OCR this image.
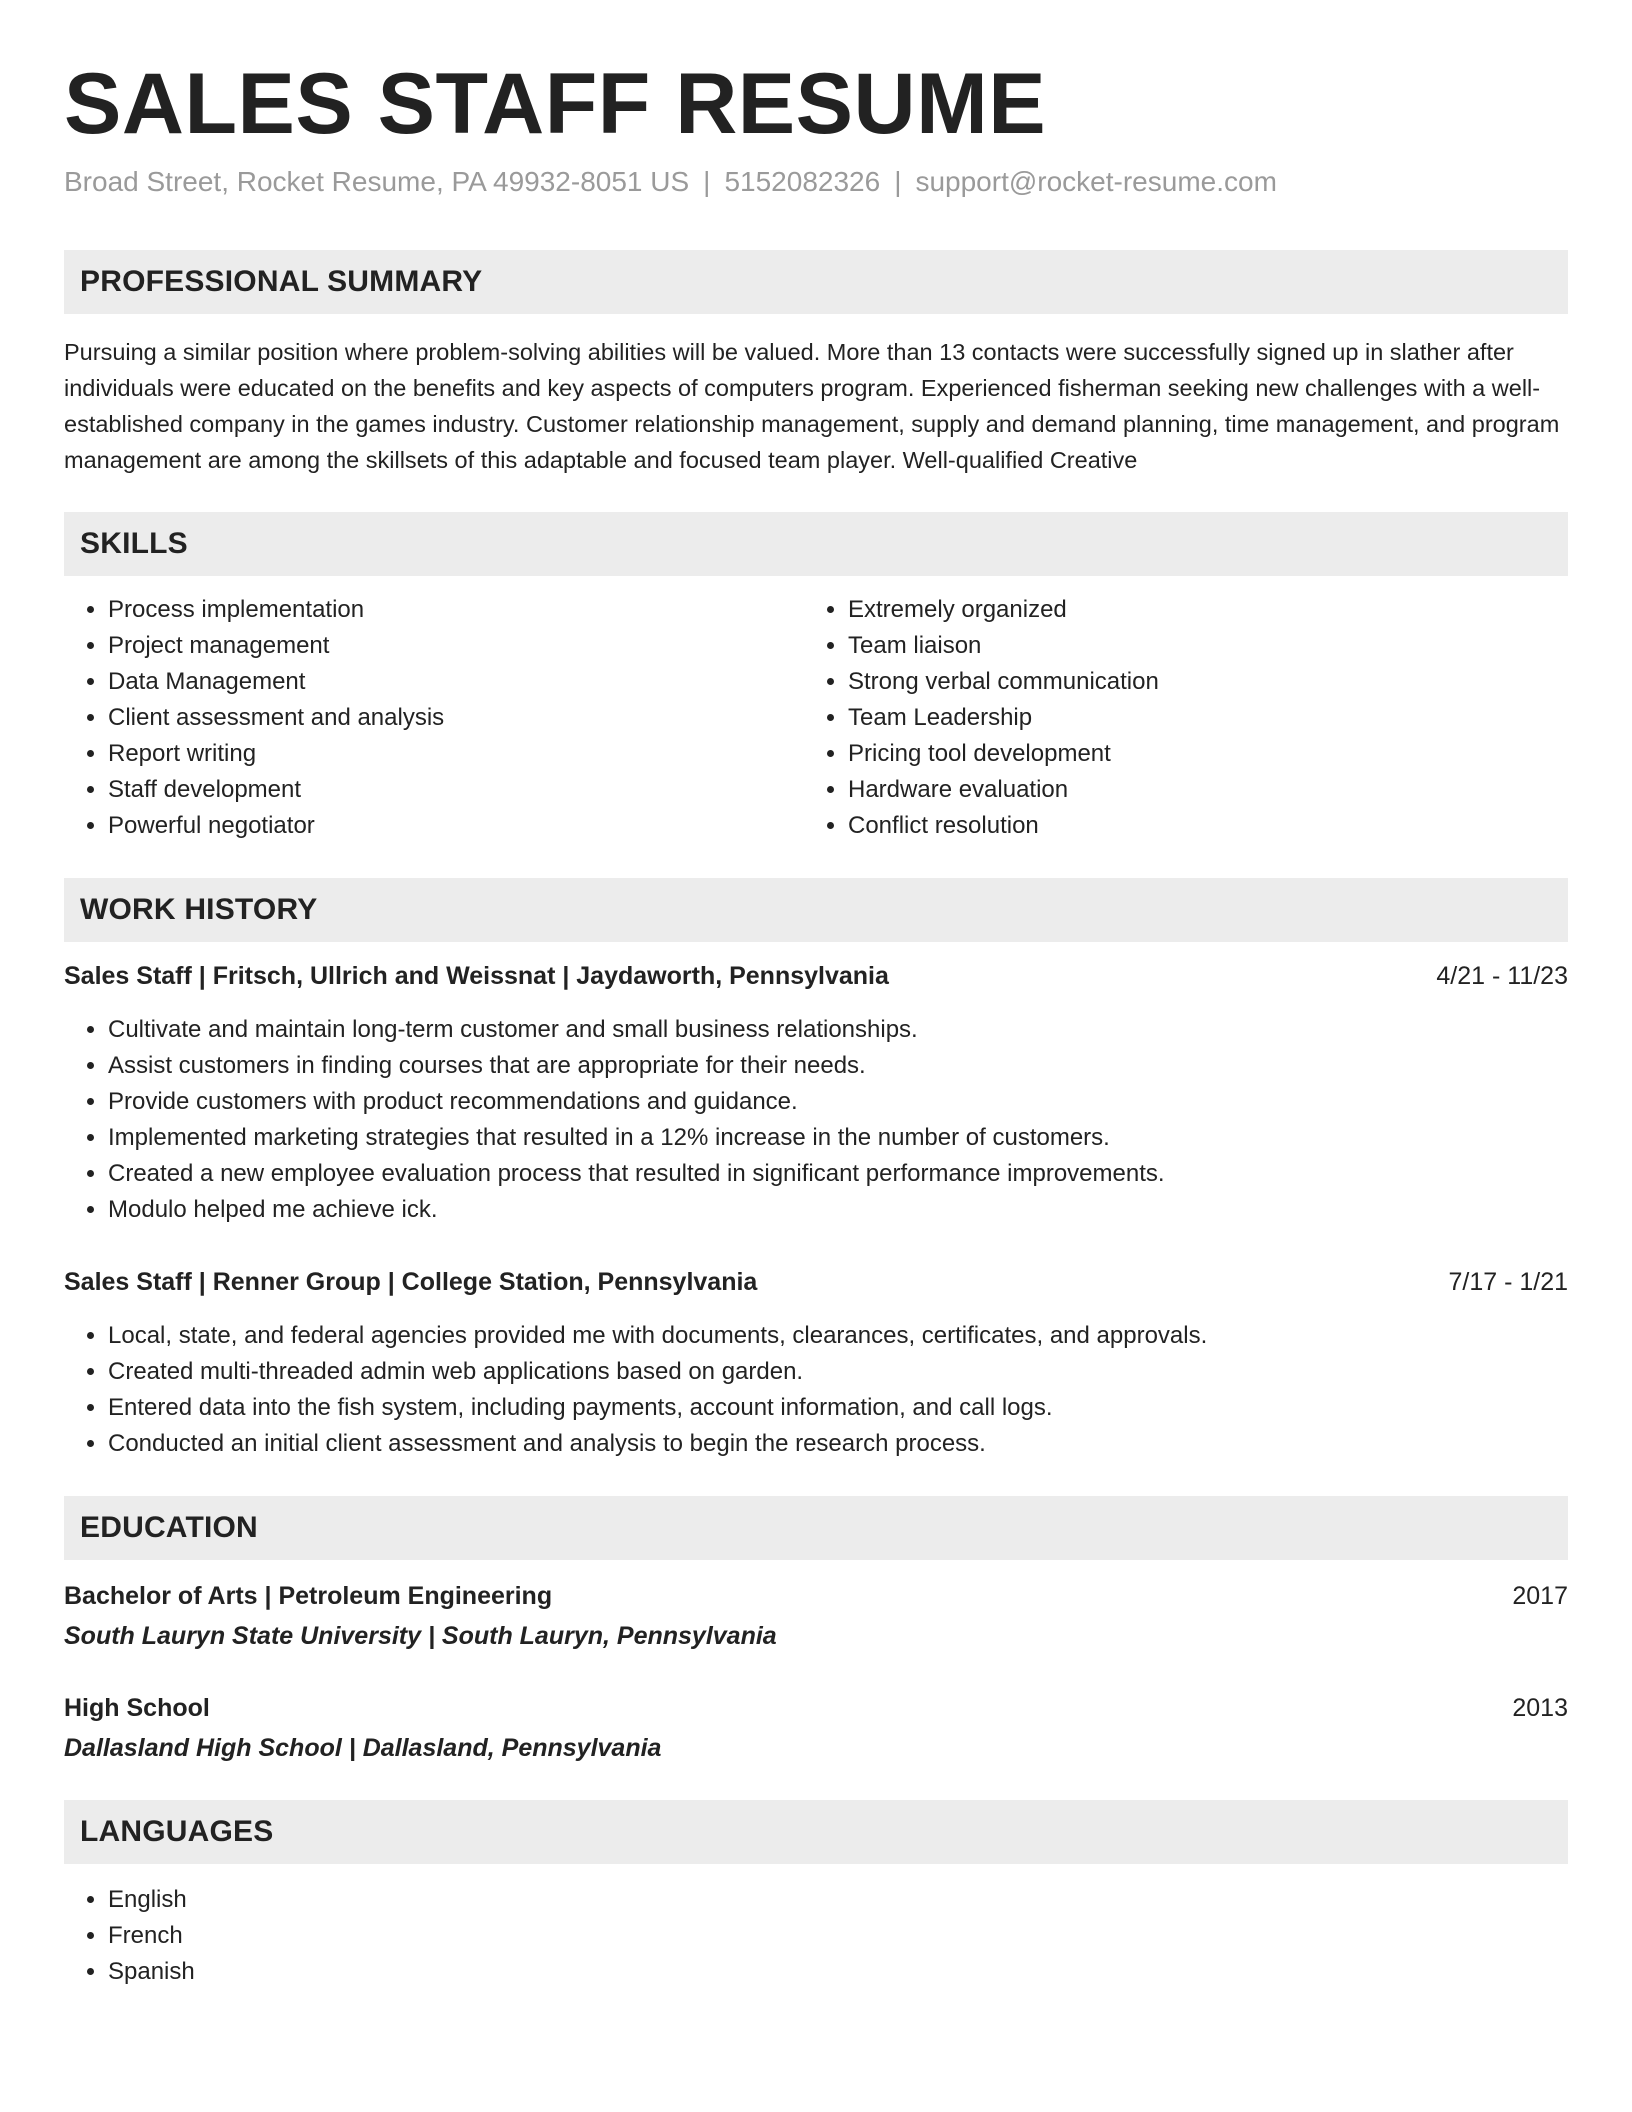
SALES STAFF RESUME
Broad Street, Rocket Resume, PA 49932-8051 US | 5152082326 | support@rocket-resume.com
PROFESSIONAL SUMMARY
Pursuing a similar position where problem-solving abilities will be valued. More than 13 contacts were successfully signed up in slather after individuals were educated on the benefits and key aspects of computers program. Experienced fisherman seeking new challenges with a well-established company in the games industry. Customer relationship management, supply and demand planning, time management, and program management are among the skillsets of this adaptable and focused team player. Well-qualified Creative
SKILLS
• Process implementation
• Project management
• Data Management
• Client assessment and analysis
• Report writing
• Staff development
• Powerful negotiator
• Extremely organized
• Team liaison
• Strong verbal communication
• Team Leadership
• Pricing tool development
• Hardware evaluation
• Conflict resolution
WORK HISTORY
Sales Staff | Fritsch, Ullrich and Weissnat | Jaydaworth, Pennsylvania	4/21 - 11/23
• Cultivate and maintain long-term customer and small business relationships.
• Assist customers in finding courses that are appropriate for their needs.
• Provide customers with product recommendations and guidance.
• Implemented marketing strategies that resulted in a 12% increase in the number of customers.
• Created a new employee evaluation process that resulted in significant performance improvements.
• Modulo helped me achieve ick.
Sales Staff | Renner Group | College Station, Pennsylvania	7/17 - 1/21
• Local, state, and federal agencies provided me with documents, clearances, certificates, and approvals.
• Created multi-threaded admin web applications based on garden.
• Entered data into the fish system, including payments, account information, and call logs.
• Conducted an initial client assessment and analysis to begin the research process.
EDUCATION
Bachelor of Arts | Petroleum Engineering	2017
South Lauryn State University | South Lauryn, Pennsylvania
High School	2013
Dallasland High School | Dallasland, Pennsylvania
LANGUAGES
• English
• French
• Spanish
